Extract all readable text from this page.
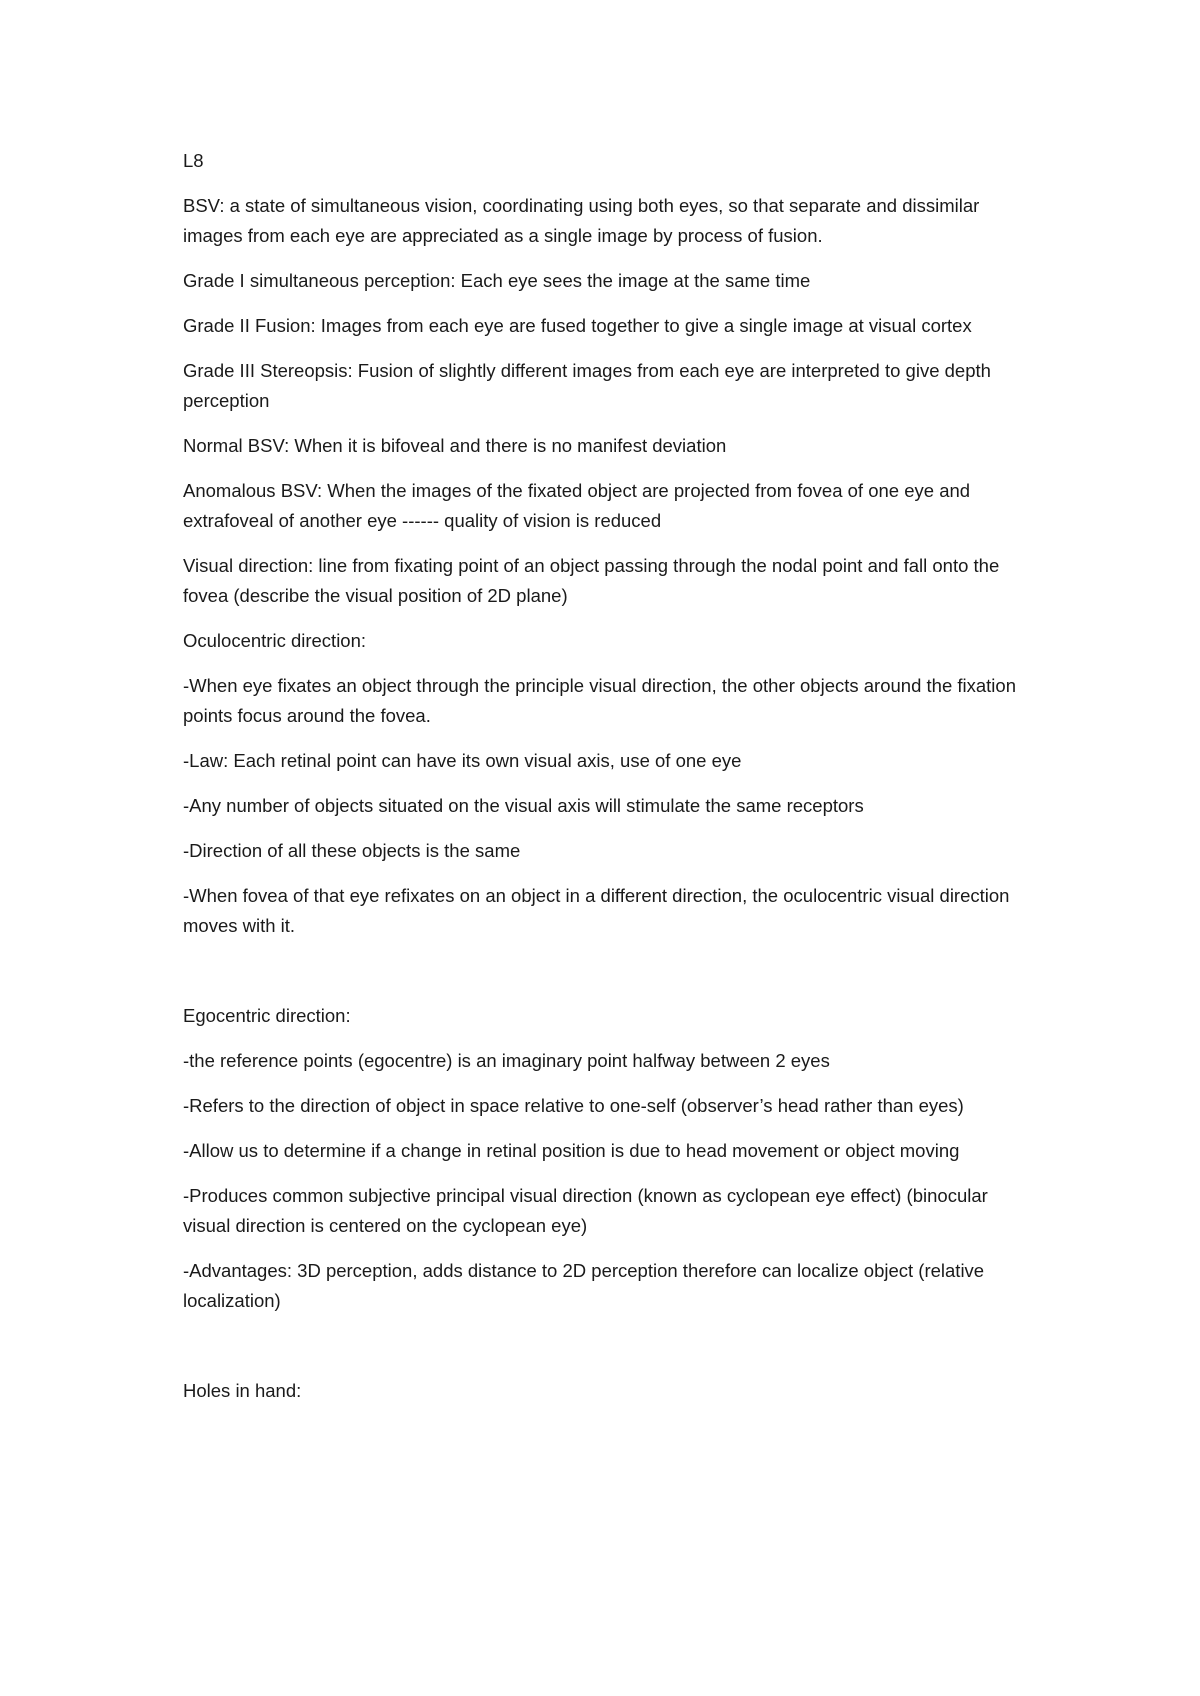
L8

BSV: a state of simultaneous vision, coordinating using both eyes, so that separate and dissimilar images from each eye are appreciated as a single image by process of fusion.

Grade I simultaneous perception: Each eye sees the image at the same time

Grade II Fusion: Images from each eye are fused together to give a single image at visual cortex

Grade III Stereopsis: Fusion of slightly different images from each eye are interpreted to give depth perception

Normal BSV: When it is bifoveal and there is no manifest deviation

Anomalous BSV: When the images of the fixated object are projected from fovea of one eye and extrafoveal of another eye ------ quality of vision is reduced

Visual direction: line from fixating point of an object passing through the nodal point and fall onto the fovea (describe the visual position of 2D plane)

Oculocentric direction:

-When eye fixates an object through the principle visual direction, the other objects around the fixation points focus around the fovea.

-Law: Each retinal point can have its own visual axis, use of one eye

-Any number of objects situated on the visual axis will stimulate the same receptors

-Direction of all these objects is the same

-When fovea of that eye refixates on an object in a different direction, the oculocentric visual direction moves with it.

Egocentric direction:

-the reference points (egocentre) is an imaginary point halfway between 2 eyes

-Refers to the direction of object in space relative to one-self (observer’s head rather than eyes)

-Allow us to determine if a change in retinal position is due to head movement or object moving

-Produces common subjective principal visual direction (known as cyclopean eye effect) (binocular visual direction is centered on the cyclopean eye)

-Advantages: 3D perception, adds distance to 2D perception therefore can localize object (relative localization)

Holes in hand:
